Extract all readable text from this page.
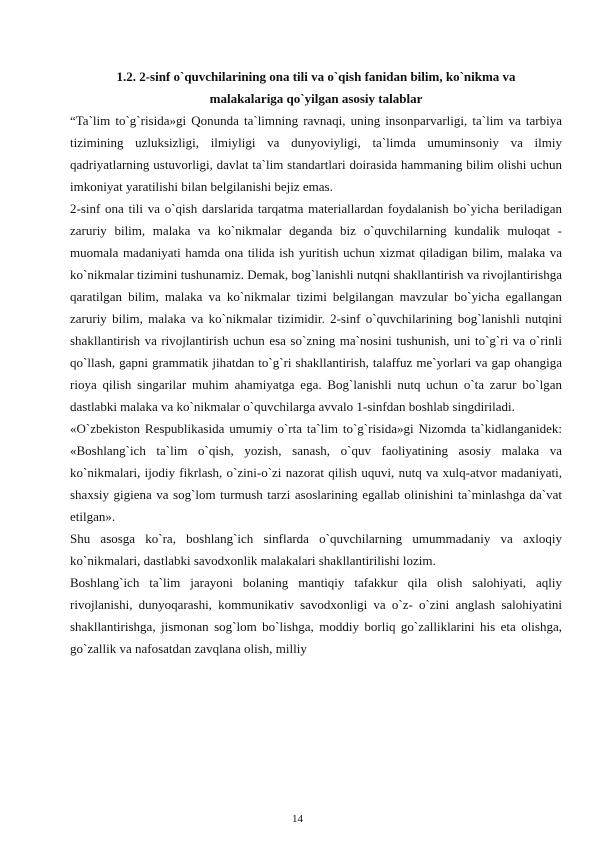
1.2. 2-sinf o`quvchilarining ona tili va o`qish fanidan bilim, ko`nikma va
malakalariga qo`yilgan asosiy talablar

“Ta`lim to`g`risida»gi Qonunda ta`limning ravnaqi, uning insonparvarligi, ta`lim va tarbiya tizimining uzluksizligi, ilmiyligi va dunyoviyligi, ta`limda umuminsoniy va ilmiy qadriyatlarning ustuvorligi, davlat ta`lim standartlari doirasida hammaning bilim olishi uchun imkoniyat yaratilishi bilan belgilanishi bejiz emas.

2-sinf ona tili va o`qish darslarida tarqatma materiallardan foydalanish bo`yicha beriladigan zaruriy bilim, malaka va ko`nikmalar deganda biz o`quvchilarning kundalik muloqat - muomala madaniyati hamda ona tilida ish yuritish uchun xizmat qiladigan bilim, malaka va ko`nikmalar tizimini tushunamiz. Demak, bog`lanishli nutqni shakllantirish va rivojlantirishga qaratilgan bilim, malaka va ko`nikmalar tizimi belgilangan mavzular bo`yicha egallangan zaruriy bilim, malaka va ko`nikmalar tizimidir. 2-sinf o`quvchilarining bog`lanishli nutqini shakllantirish va rivojlantirish uchun esa so`zning ma`nosini tushunish, uni to`g`ri va o`rinli qo`llash, gapni grammatik jihatdan to`g`ri shakllantirish, talaffuz me`yorlari va gap ohangiga rioya qilish singarilar muhim ahamiyatga ega. Bog`lanishli nutq uchun o`ta zarur bo`lgan dastlabki malaka va ko`nikmalar o`quvchilarga avvalo 1-sinfdan boshlab singdiriladi.

«O`zbekiston Respublikasida umumiy o`rta ta`lim to`g`risida»gi Nizomda ta`kidlanganidek: «Boshlang`ich ta`lim o`qish, yozish, sanash, o`quv faoliyatining asosiy malaka va ko`nikmalari, ijodiy fikrlash, o`zini-o`zi nazorat qilish uquvi, nutq va xulq-atvor madaniyati, shaxsiy gigiena va sog`lom turmush tarzi asoslarining egallab olinishini ta`minlashga da`vat etilgan».

Shu asosga ko`ra, boshlang`ich sinflarda o`quvchilarning umummadaniy va axloqiy ko`nikmalari, dastlabki savodxonlik malakalari shakllantirilishi lozim.

Boshlang`ich ta`lim jarayoni bolaning mantiqiy tafakkur qila olish salohiyati, aqliy rivojlanishi, dunyoqarashi, kommunikativ savodxonligi va o`z- o`zini anglash salohiyatini shakllantirishga, jismonan sog`lom bo`lishga, moddiy borliq go`zalliklarini his eta olishga, go`zallik va nafosatdan zavqlana olish, milliy

14
